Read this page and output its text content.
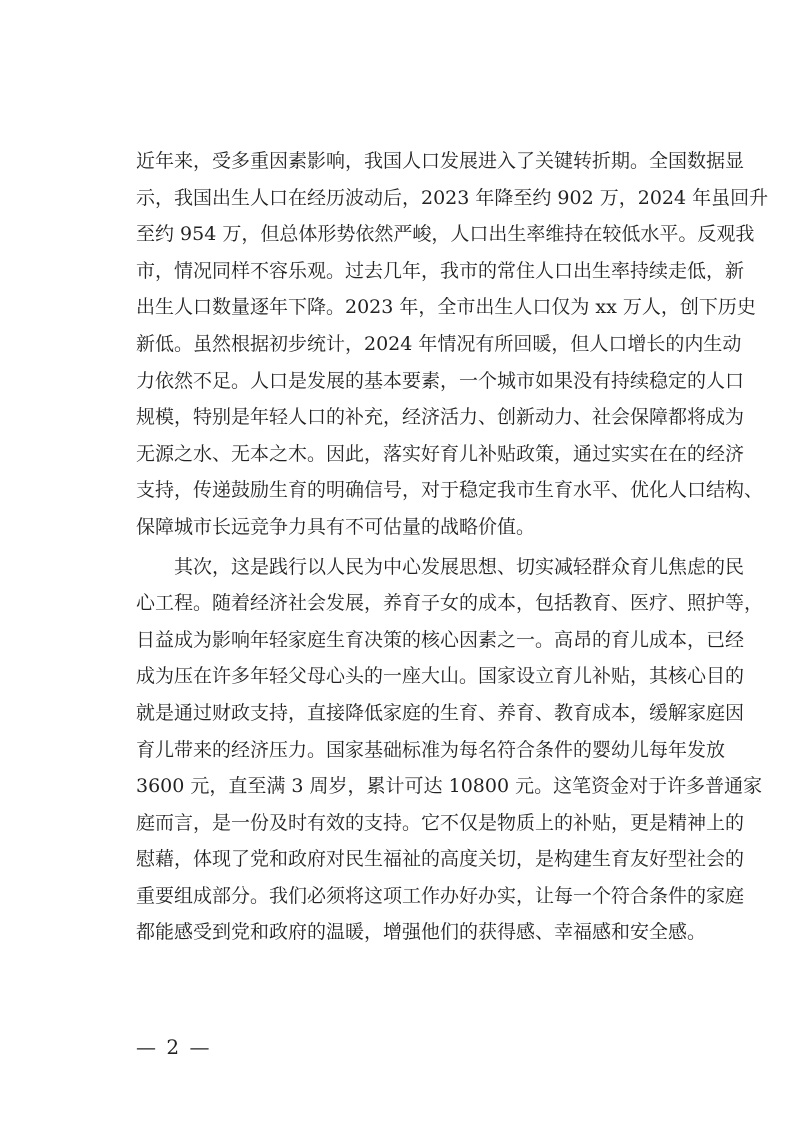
近年来，受多重因素影响，我国人口发展进入了关键转折期。全国数据显
示，我国出生人口在经历波动后，2023 年降至约 902 万，2024 年虽回升
至约 954 万，但总体形势依然严峻，人口出生率维持在较低水平。反观我
市，情况同样不容乐观。过去几年，我市的常住人口出生率持续走低，新
出生人口数量逐年下降。2023 年，全市出生人口仅为 xx 万人，创下历史
新低。虽然根据初步统计，2024 年情况有所回暖，但人口增长的内生动
力依然不足。人口是发展的基本要素，一个城市如果没有持续稳定的人口
规模，特别是年轻人口的补充，经济活力、创新动力、社会保障都将成为
无源之水、无本之木。因此，落实好育儿补贴政策，通过实实在在的经济
支持，传递鼓励生育的明确信号，对于稳定我市生育水平、优化人口结构、
保障城市长远竞争力具有不可估量的战略价值。
其次，这是践行以人民为中心发展思想、切实减轻群众育儿焦虑的民
心工程。随着经济社会发展，养育子女的成本，包括教育、医疗、照护等，
日益成为影响年轻家庭生育决策的核心因素之一。高昂的育儿成本，已经
成为压在许多年轻父母心头的一座大山。国家设立育儿补贴，其核心目的
就是通过财政支持，直接降低家庭的生育、养育、教育成本，缓解家庭因
育儿带来的经济压力。国家基础标准为每名符合条件的婴幼儿每年发放
3600 元，直至满 3 周岁，累计可达 10800 元。这笔资金对于许多普通家
庭而言，是一份及时有效的支持。它不仅是物质上的补贴，更是精神上的
慰藉，体现了党和政府对民生福祉的高度关切，是构建生育友好型社会的
重要组成部分。我们必须将这项工作办好办实，让每一个符合条件的家庭
都能感受到党和政府的温暖，增强他们的获得感、幸福感和安全感。
— 2 —
